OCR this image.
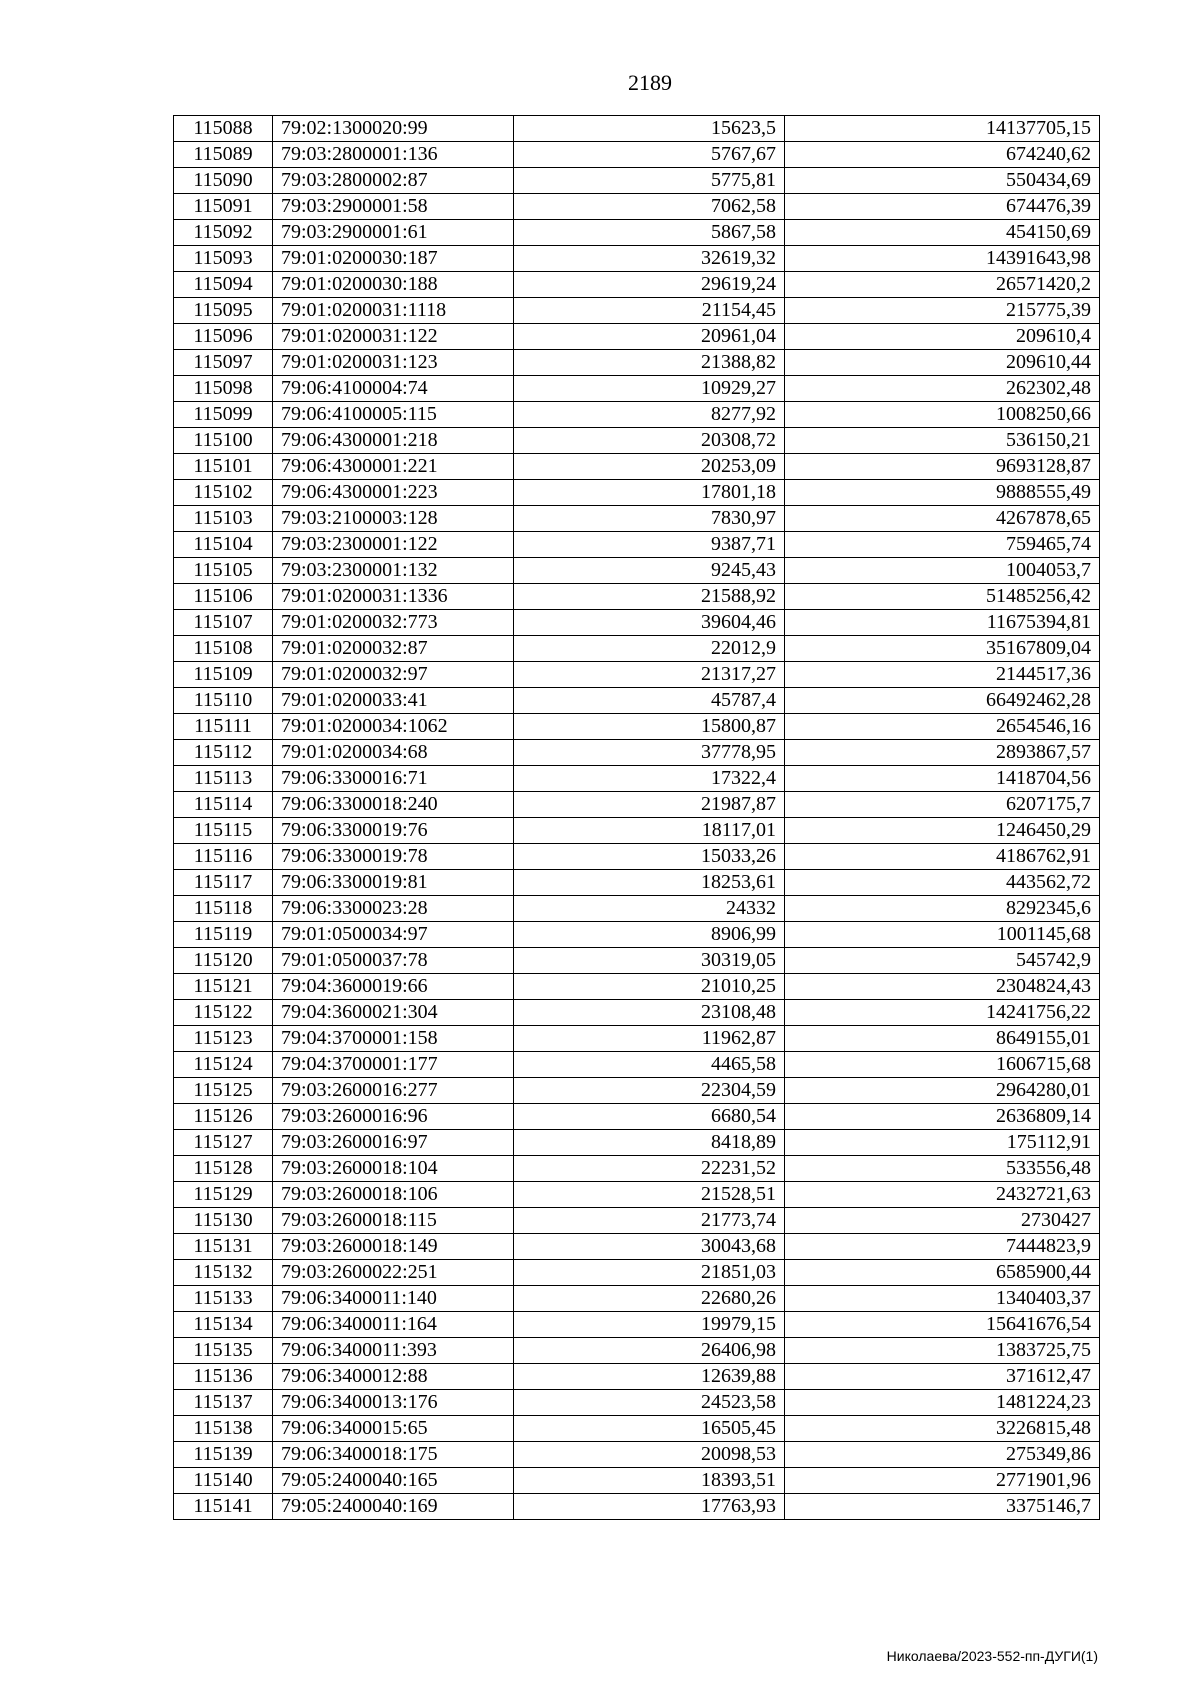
2189
115088	79:02:1300020:99	15623,5	14137705,15
115089	79:03:2800001:136	5767,67	674240,62
115090	79:03:2800002:87	5775,81	550434,69
115091	79:03:2900001:58	7062,58	674476,39
115092	79:03:2900001:61	5867,58	454150,69
115093	79:01:0200030:187	32619,32	14391643,98
115094	79:01:0200030:188	29619,24	26571420,2
115095	79:01:0200031:1118	21154,45	215775,39
115096	79:01:0200031:122	20961,04	209610,4
115097	79:01:0200031:123	21388,82	209610,44
115098	79:06:4100004:74	10929,27	262302,48
115099	79:06:4100005:115	8277,92	1008250,66
115100	79:06:4300001:218	20308,72	536150,21
115101	79:06:4300001:221	20253,09	9693128,87
115102	79:06:4300001:223	17801,18	9888555,49
115103	79:03:2100003:128	7830,97	4267878,65
115104	79:03:2300001:122	9387,71	759465,74
115105	79:03:2300001:132	9245,43	1004053,7
115106	79:01:0200031:1336	21588,92	51485256,42
115107	79:01:0200032:773	39604,46	11675394,81
115108	79:01:0200032:87	22012,9	35167809,04
115109	79:01:0200032:97	21317,27	2144517,36
115110	79:01:0200033:41	45787,4	66492462,28
115111	79:01:0200034:1062	15800,87	2654546,16
115112	79:01:0200034:68	37778,95	2893867,57
115113	79:06:3300016:71	17322,4	1418704,56
115114	79:06:3300018:240	21987,87	6207175,7
115115	79:06:3300019:76	18117,01	1246450,29
115116	79:06:3300019:78	15033,26	4186762,91
115117	79:06:3300019:81	18253,61	443562,72
115118	79:06:3300023:28	24332	8292345,6
115119	79:01:0500034:97	8906,99	1001145,68
115120	79:01:0500037:78	30319,05	545742,9
115121	79:04:3600019:66	21010,25	2304824,43
115122	79:04:3600021:304	23108,48	14241756,22
115123	79:04:3700001:158	11962,87	8649155,01
115124	79:04:3700001:177	4465,58	1606715,68
115125	79:03:2600016:277	22304,59	2964280,01
115126	79:03:2600016:96	6680,54	2636809,14
115127	79:03:2600016:97	8418,89	175112,91
115128	79:03:2600018:104	22231,52	533556,48
115129	79:03:2600018:106	21528,51	2432721,63
115130	79:03:2600018:115	21773,74	2730427
115131	79:03:2600018:149	30043,68	7444823,9
115132	79:03:2600022:251	21851,03	6585900,44
115133	79:06:3400011:140	22680,26	1340403,37
115134	79:06:3400011:164	19979,15	15641676,54
115135	79:06:3400011:393	26406,98	1383725,75
115136	79:06:3400012:88	12639,88	371612,47
115137	79:06:3400013:176	24523,58	1481224,23
115138	79:06:3400015:65	16505,45	3226815,48
115139	79:06:3400018:175	20098,53	275349,86
115140	79:05:2400040:165	18393,51	2771901,96
115141	79:05:2400040:169	17763,93	3375146,7
Николаева/2023-552-пп-ДУГИ(1)
